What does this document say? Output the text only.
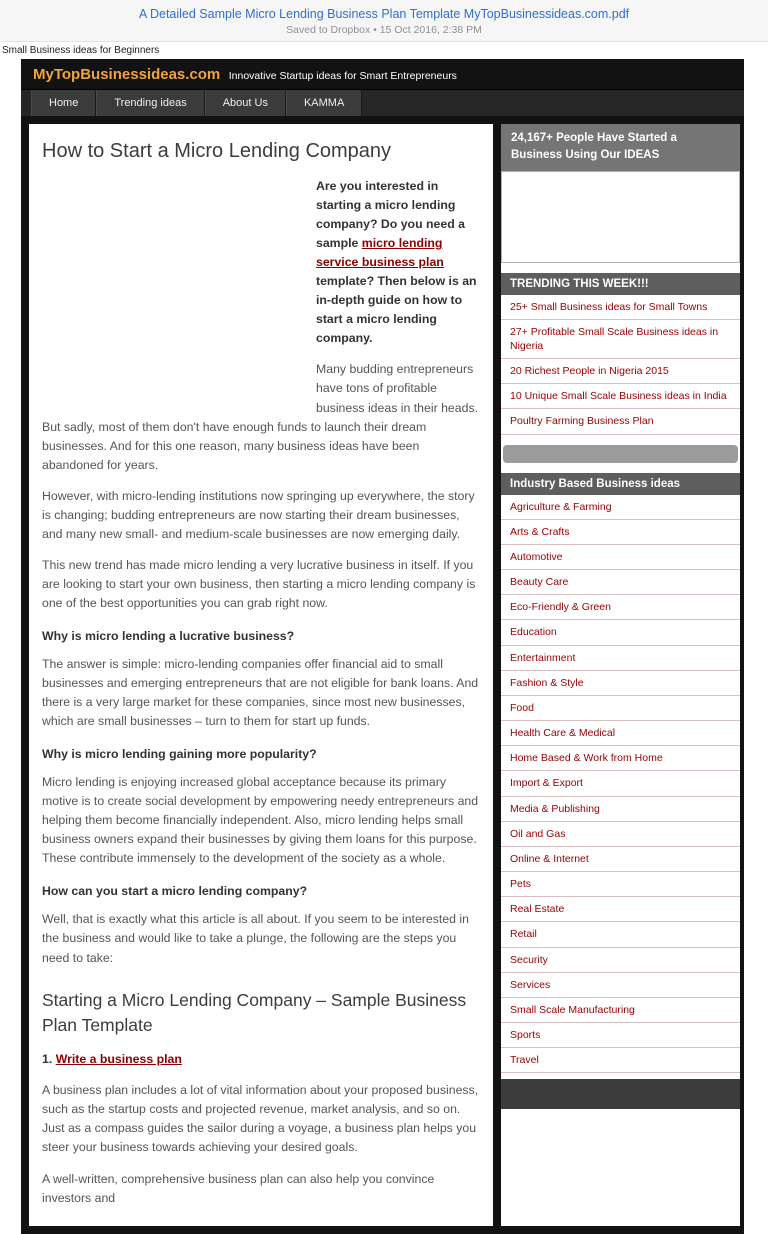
A Detailed Sample Micro Lending Business Plan Template MyTopBusinessideas.com.pdf
Saved to Dropbox • 15 Oct 2016, 2:38 PM
Small Business ideas for Beginners
MyTopBusinessideas.com Innovative Startup ideas for Smart Entrepreneurs
Home	Trending ideas	About Us	KAMMA
How to Start a Micro Lending Company

Are you interested in starting a micro lending company? Do you need a sample micro lending service business plan template? Then below is an in-depth guide on how to start a micro lending company.

Many budding entrepreneurs have tons of profitable business ideas in their heads. But sadly, most of them don't have enough funds to launch their dream businesses. And for this one reason, many business ideas have been abandoned for years.

However, with micro-lending institutions now springing up everywhere, the story is changing; budding entrepreneurs are now starting their dream businesses, and many new small- and medium-scale businesses are now emerging daily.

This new trend has made micro lending a very lucrative business in itself. If you are looking to start your own business, then starting a micro lending company is one of the best opportunities you can grab right now.

Why is micro lending a lucrative business?

The answer is simple: micro-lending companies offer financial aid to small businesses and emerging entrepreneurs that are not eligible for bank loans. And there is a very large market for these companies, since most new businesses, which are small businesses – turn to them for start up funds.

Why is micro lending gaining more popularity?

Micro lending is enjoying increased global acceptance because its primary motive is to create social development by empowering needy entrepreneurs and helping them become financially independent. Also, micro lending helps small business owners expand their businesses by giving them loans for this purpose. These contribute immensely to the development of the society as a whole.

How can you start a micro lending company?

Well, that is exactly what this article is all about. If you seem to be interested in the business and would like to take a plunge, the following are the steps you need to take:

Starting a Micro Lending Company – Sample Business Plan Template

1. Write a business plan

A business plan includes a lot of vital information about your proposed business, such as the startup costs and projected revenue, market analysis, and so on. Just as a compass guides the sailor during a voyage, a business plan helps you steer your business towards achieving your desired goals.

A well-written, comprehensive business plan can also help you convince investors and

24,167+ People Have Started a Business Using Our IDEAS
TRENDING THIS WEEK!!!
25+ Small Business ideas for Small Towns
27+ Profitable Small Scale Business ideas in Nigeria
20 Richest People in Nigeria 2015
10 Unique Small Scale Business ideas in India
Poultry Farming Business Plan
Industry Based Business ideas
Agriculture & Farming
Arts & Crafts
Automotive
Beauty Care
Eco-Friendly & Green
Education
Entertainment
Fashion & Style
Food
Health Care & Medical
Home Based & Work from Home
Import & Export
Media & Publishing
Oil and Gas
Online & Internet
Pets
Real Estate
Retail
Security
Services
Small Scale Manufacturing
Sports
Travel
